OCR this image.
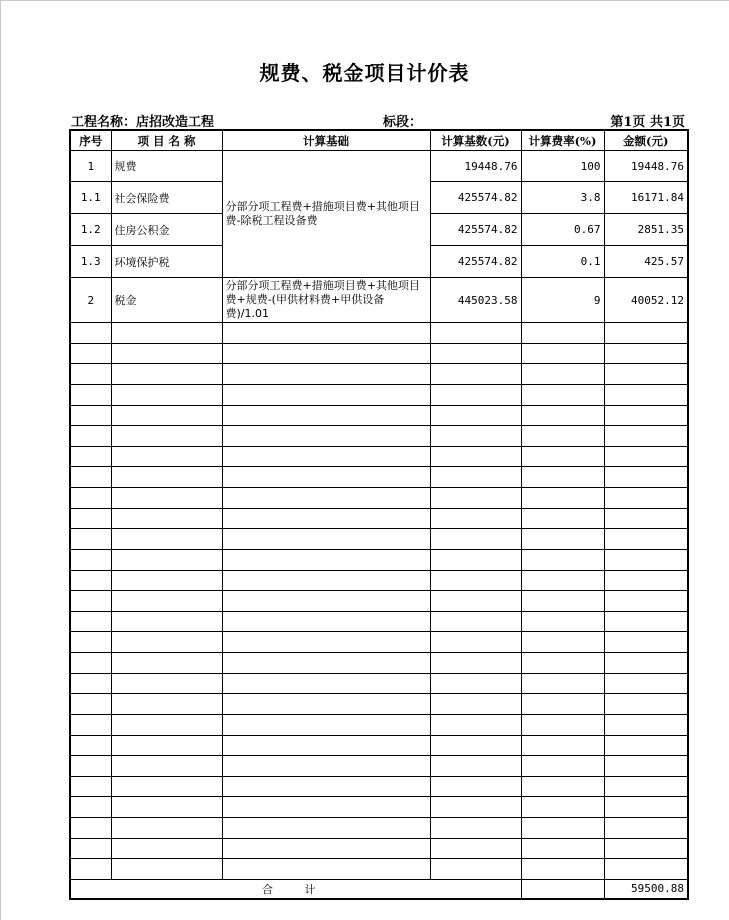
规费、税金项目计价表
工程名称：店招改造工程	标段：	第1页 共1页
序号	项 目 名 称	计算基础	计算基数(元)	计算费率(%)	金额(元)
1	规费	分部分项工程费+措施项目费+其他项目费-除税工程设备费	19448.76	100	19448.76
1.1	社会保险费		425574.82	3.8	16171.84
1.2	住房公积金		425574.82	0.67	2851.35
1.3	环境保护税		425574.82	0.1	425.57
2	税金	分部分项工程费+措施项目费+其他项目费+规费-(甲供材料费+甲供设备费)/1.01	445023.58	9	40052.12

合 计					59500.88
